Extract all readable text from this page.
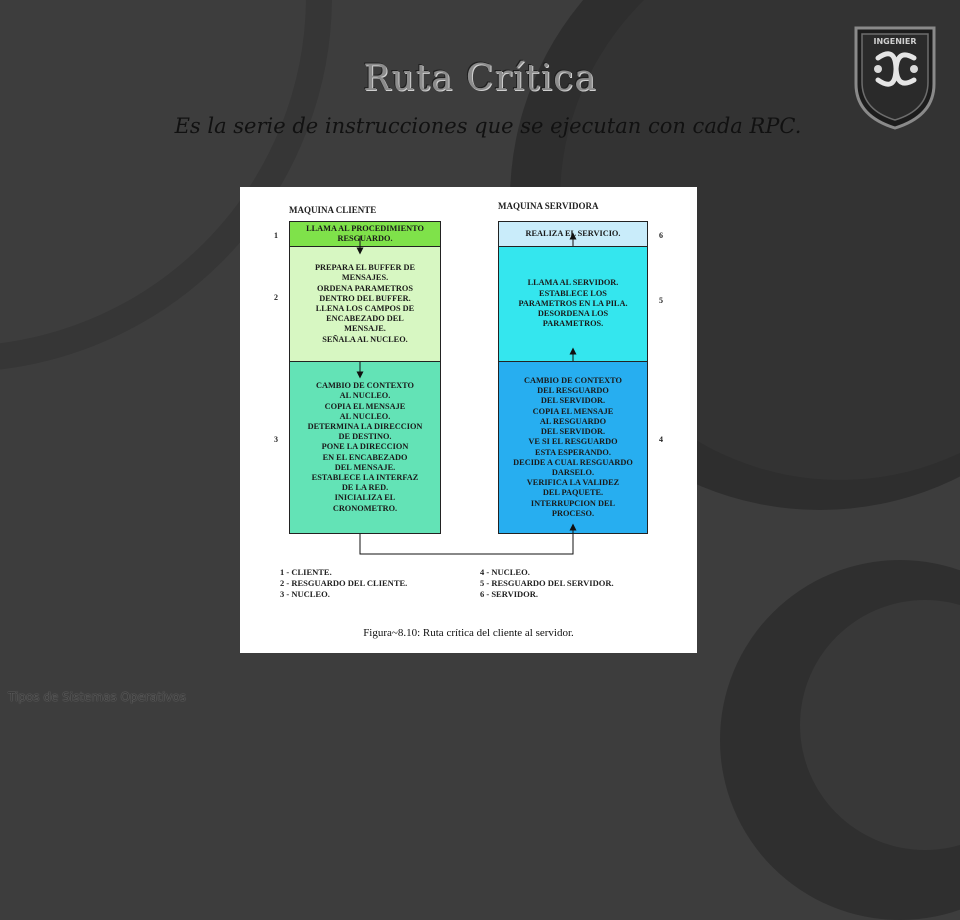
Ruta Crítica

Es la serie de instrucciones que se ejecutan con cada RPC.

INGENIER
MAQUINA CLIENTE	MAQUINA SERVIDORA
LLAMA AL PROCEDIMIENTO
RESGUARDO.
PREPARA EL BUFFER DE
MENSAJES.
ORDENA PARAMETROS
DENTRO DEL BUFFER.
LLENA LOS CAMPOS DE
ENCABEZADO DEL
MENSAJE.
SEÑALA AL NUCLEO.
CAMBIO DE CONTEXTO
AL NUCLEO.
COPIA EL MENSAJE
AL NUCLEO.
DETERMINA LA DIRECCION
DE DESTINO.
PONE LA DIRECCION
EN EL ENCABEZADO
DEL MENSAJE.
ESTABLECE LA INTERFAZ
DE LA RED.
INICIALIZA EL
CRONOMETRO.
REALIZA EL SERVICIO.
LLAMA AL SERVIDOR.
ESTABLECE LOS
PARAMETROS EN LA PILA.
DESORDENA LOS
PARAMETROS.
CAMBIO DE CONTEXTO
DEL RESGUARDO
DEL SERVIDOR.
COPIA EL MENSAJE
AL RESGUARDO
DEL SERVIDOR.
VE SI EL RESGUARDO
ESTA ESPERANDO.
DECIDE A CUAL RESGUARDO
DARSELO.
VERIFICA LA VALIDEZ
DEL PAQUETE.
INTERRUPCION DEL
PROCESO.
1
2
3
6
5
4
1 - CLIENTE.
2 - RESGUARDO DEL CLIENTE.
3 - NUCLEO.
4 - NUCLEO.
5 - RESGUARDO DEL SERVIDOR.
6 - SERVIDOR.
Figura~8.10: Ruta crítica del cliente al servidor.
Tipos de Sistemas Operativos
